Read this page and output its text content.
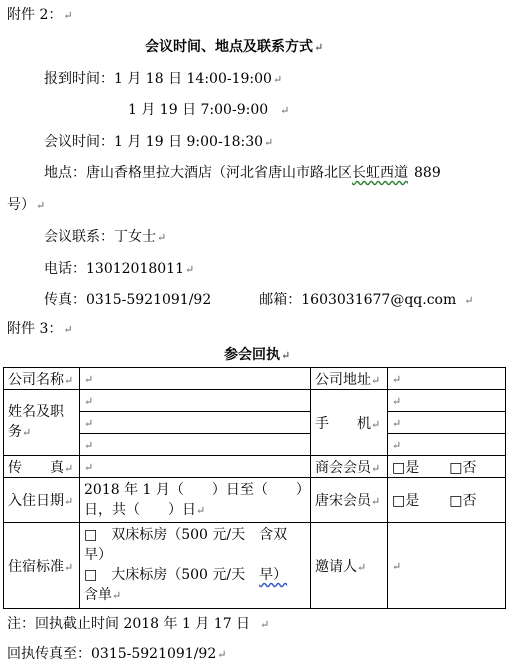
附件 2：↵
会议时间、地点及联系方式↵
报到时间：1 月 18 日 14:00-19:00↵
1 月 19 日 7:00-9:00 ↵
会议时间：1 月 19 日 9:00-18:30↵
地点：唐山香格里拉大酒店（河北省唐山市路北区长虹西道 889
号）↵
会议联系：丁女士↵
电话：13012018011↵
传真：0315-5921091/92	邮箱：1603031677@qq.com ↵
附件 3：↵
参会回执↵
公司名称↵	↵	公司地址↵	↵
姓名及职务↵	↵	手　　机↵	↵
	↵		↵
	↵		↵
传　　真↵	↵	商会会员↵	□是 □否
入住日期↵	2018 年 1 月（　　）日至（　　）
日，共（　　）日↵	唐宋会员↵	□是 □否
住宿标准↵	□　双床标房（500 元/天　含双
早）
□　大床标房（500 元/天　早）
含单↵	邀请人↵	↵
注：回执截止时间 2018 年 1 月 17 日 ↵
回执传真至：0315-5921091/92↵
